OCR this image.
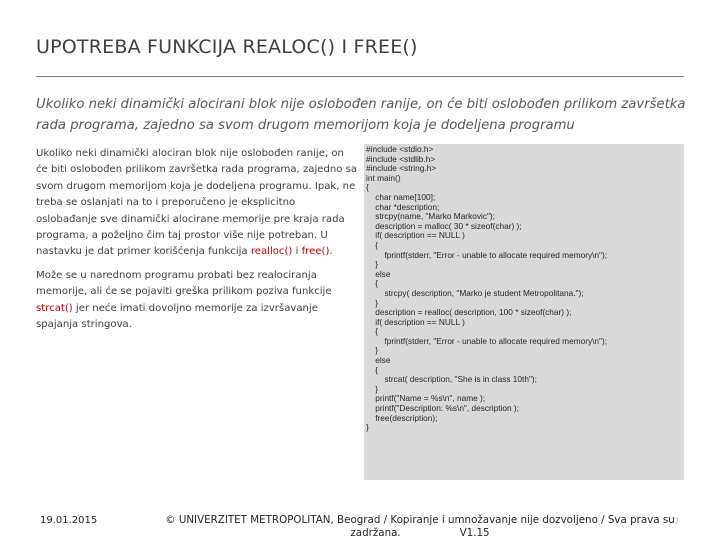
UPOTREBA FUNKCIJA REALOC() I FREE()
Ukoliko neki dinamički alocirani blok nije oslobođen ranije, on će biti oslobođen prilikom završetka rada programa, zajedno sa svom drugom memorijom koja je dodeljena programu

Ukoliko neki dinamički alociran blok nije oslobođen ranije, on će biti oslobođen prilikom završetka rada programa, zajedno sa svom drugom memorijom koja je dodeljena programu. Ipak, ne treba se oslanjati na to i preporučeno je eksplicitno oslobađanje sve dinamički alocirane memorije pre kraja rada programa, a poželjno čim taj prostor više nije potreban. U nastavku je dat primer korišćenja funkcija realloc() i free().

Može se u narednom programu probati bez realociranja memorije, ali će se pojaviti greška prilikom poziva funkcije strcat() jer neće imati dovoljno memorije za izvršavanje spajanja stringova.

#include <stdio.h>
#include <stdlib.h>
#include <string.h>
int main()
{
char name[100];
char *description;
strcpy(name, "Marko Markovic");
description = malloc( 30 * sizeof(char) );
if( description == NULL )
{
fprintf(stderr, "Error - unable to allocate required memory\n");
}
else
{
strcpy( description, "Marko je student Metropolitana.");
}
description = realloc( description, 100 * sizeof(char) );
if( description == NULL )
{
fprintf(stderr, "Error - unable to allocate required memory\n");
}
else
{
strcat( description, "She is in class 10th");
}
printf("Name = %s\n", name );
printf("Description: %s\n", description );
free(description);
}
19.01.2015	© UNIVERZITET METROPOLITAN, Beograd / Kopiranje i umnožavanje nije dozvoljeno / Sva prava su
zadržana.                  V1.15
7
